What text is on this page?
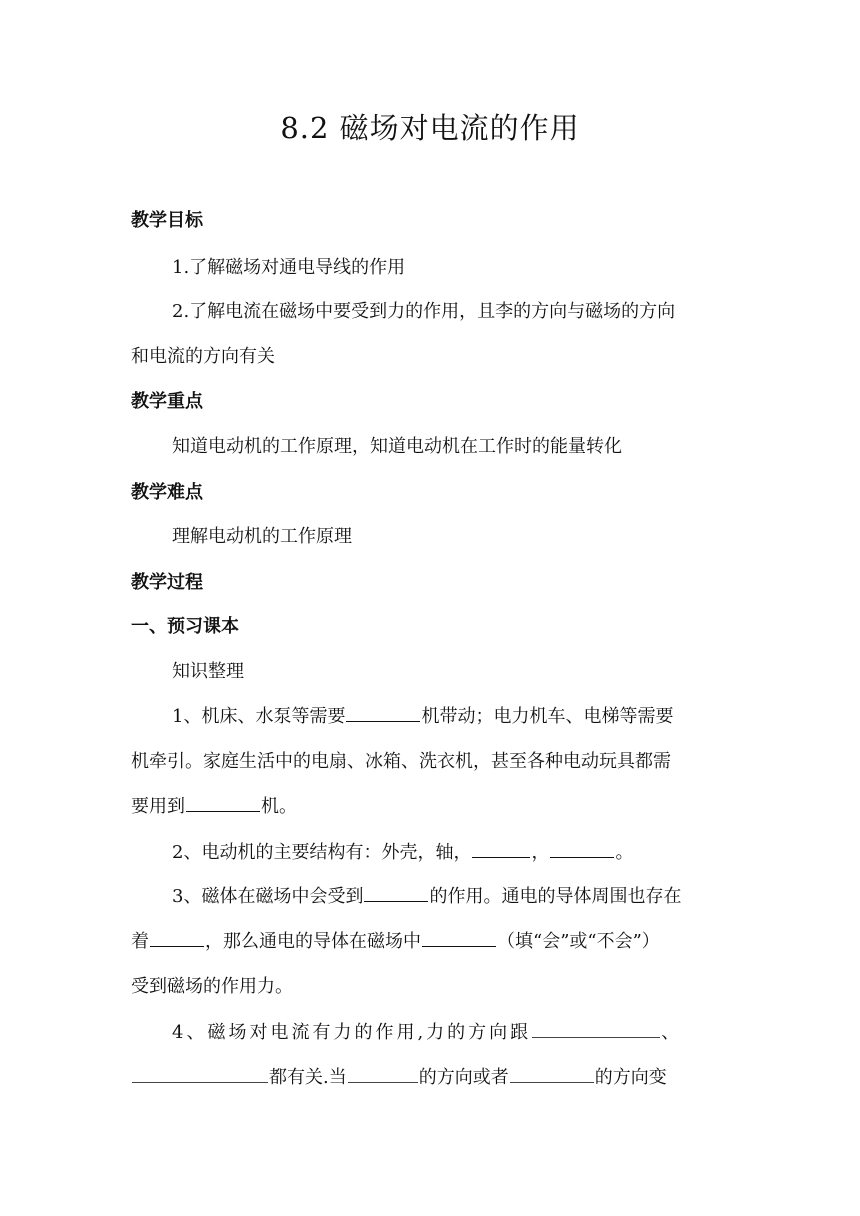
8.2 磁场对电流的作用
教学目标
1.了解磁场对通电导线的作用
2.了解电流在磁场中要受到力的作用，且李的方向与磁场的方向
和电流的方向有关
教学重点
知道电动机的工作原理，知道电动机在工作时的能量转化
教学难点
理解电动机的工作原理
教学过程
一、预习课本
知识整理
1、机床、水泵等需要	机带动；电力机车、电梯等需要
机牵引。家庭生活中的电扇、冰箱、洗衣机，甚至各种电动玩具都需
要用到	机。
2、电动机的主要结构有：外壳，轴，	，	。
3、磁体在磁场中会受到	的作用。通电的导体周围也存在
着	，那么通电的导体在磁场中	（填“会”或“不会”）
受到磁场的作用力。
4、磁场对电流有力的作用,力的方向跟	、
都有关.当	的方向或者	的方向变
